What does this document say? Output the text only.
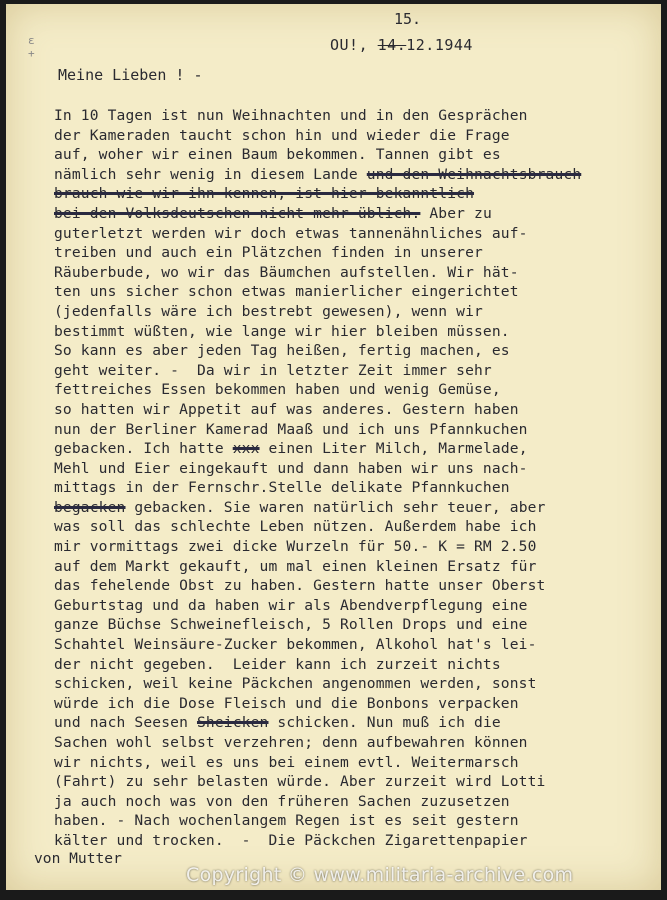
ε
+
15.
OU!, 14.12.1944
Meine Lieben ! -
In 10 Tagen ist nun Weihnachten und in den Gesprächen
der Kameraden taucht schon hin und wieder die Frage
auf, woher wir einen Baum bekommen. Tannen gibt es
nämlich sehr wenig in diesem Lande und den Weihnachtsbrauch
brauch wie wir ihn kennen, ist hier bekanntlich
bei den Volksdeutschen nicht mehr üblich. Aber zu
guterletzt werden wir doch etwas tannenähnliches auf-
treiben und auch ein Plätzchen finden in unserer
Räuberbude, wo wir das Bäumchen aufstellen. Wir hät-
ten uns sicher schon etwas manierlicher eingerichtet
(jedenfalls wäre ich bestrebt gewesen), wenn wir
bestimmt wüßten, wie lange wir hier bleiben müssen.
So kann es aber jeden Tag heißen, fertig machen, es
geht weiter. -  Da wir in letzter Zeit immer sehr
fettreiches Essen bekommen haben und wenig Gemüse,
so hatten wir Appetit auf was anderes. Gestern haben
nun der Berliner Kamerad Maaß und ich uns Pfannkuchen
gebacken. Ich hatte xxx einen Liter Milch, Marmelade,
Mehl und Eier eingekauft und dann haben wir uns nach-
mittags in der Fernschr.Stelle delikate Pfannkuchen
begacken gebacken. Sie waren natürlich sehr teuer, aber
was soll das schlechte Leben nützen. Außerdem habe ich
mir vormittags zwei dicke Wurzeln für 50.- K = RM 2.50
auf dem Markt gekauft, um mal einen kleinen Ersatz für
das fehelende Obst zu haben. Gestern hatte unser Oberst
Geburtstag und da haben wir als Abendverpflegung eine
ganze Büchse Schweinefleisch, 5 Rollen Drops und eine
Schahtel Weinsäure-Zucker bekommen, Alkohol hat's lei-
der nicht gegeben.  Leider kann ich zurzeit nichts
schicken, weil keine Päckchen angenommen werden, sonst
würde ich die Dose Fleisch und die Bonbons verpacken
und nach Seesen Sheicken schicken. Nun muß ich die
Sachen wohl selbst verzehren; denn aufbewahren können
wir nichts, weil es uns bei einem evtl. Weitermarsch
(Fahrt) zu sehr belasten würde. Aber zurzeit wird Lotti
ja auch noch was von den früheren Sachen zuzusetzen
haben. - Nach wochenlangem Regen ist es seit gestern
kälter und trocken.  -  Die Päckchen Zigarettenpapier
von Mutter
Copyright © www.militaria-archive.com
